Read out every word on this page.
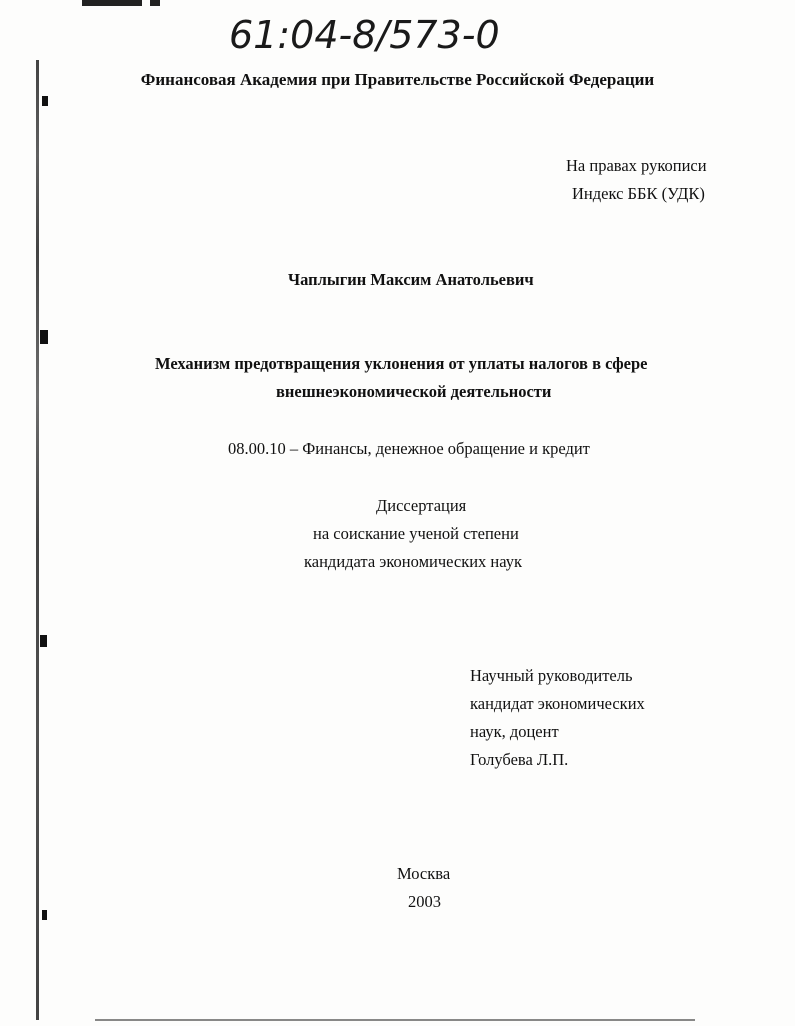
61:04-8/573-0
Финансовая Академия при Правительстве Российской Федерации
На правах рукописи
Индекс ББК (УДК)
Чаплыгин Максим Анатольевич
Механизм предотвращения уклонения от уплаты налогов в сфере
внешнеэкономической деятельности
08.00.10 – Финансы, денежное обращение и кредит
Диссертация
на соискание ученой степени
кандидата экономических наук
Научный руководитель
кандидат экономических
наук, доцент
Голубева Л.П.
Москва
2003
